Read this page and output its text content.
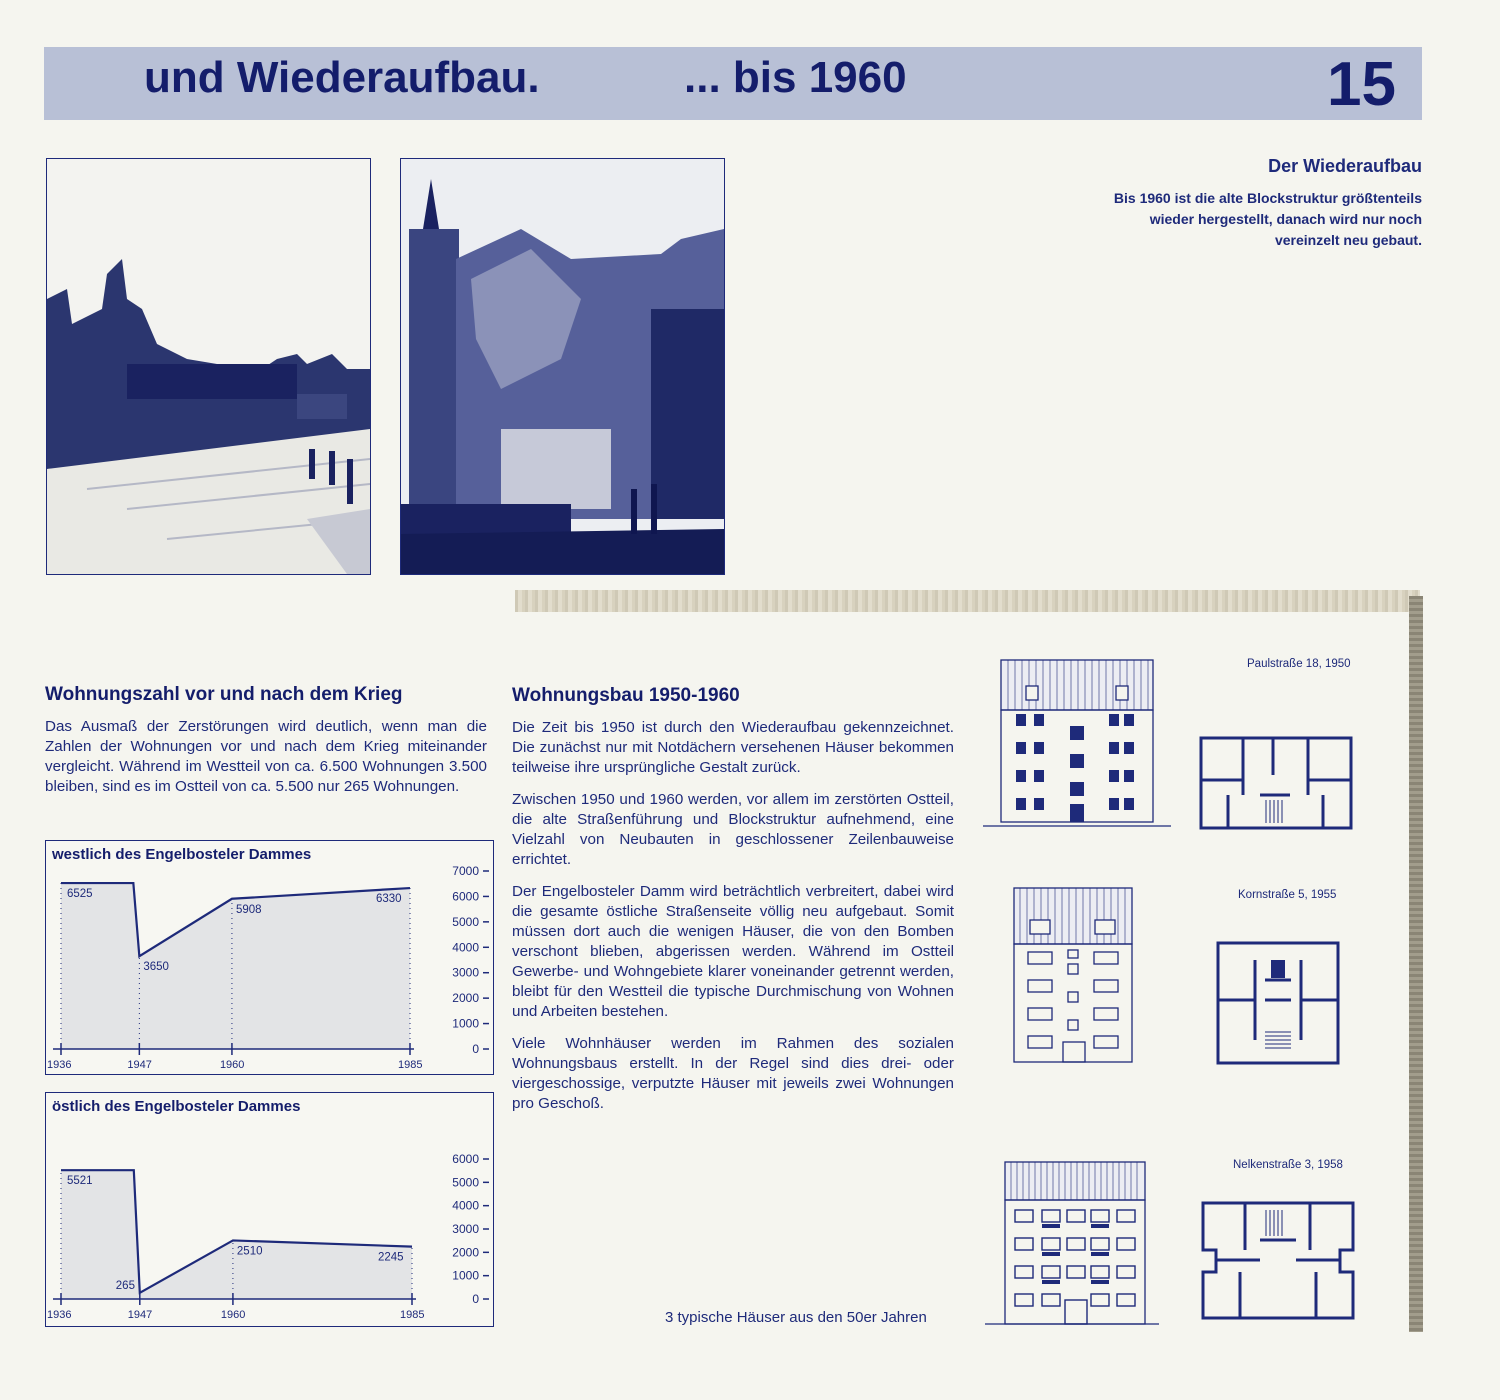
und Wiederaufbau.	... bis 1960	15
Der Wiederaufbau
Bis 1960 ist die alte Blockstruktur größtenteils wieder hergestellt, danach wird nur noch vereinzelt neu gebaut.
Wohnungszahl vor und nach dem Krieg
Das Ausmaß der Zerstörungen wird deutlich, wenn man die Zahlen der Wohnungen vor und nach dem Krieg miteinander vergleicht. Während im Westteil von ca. 6.500 Wohnungen 3.500 bleiben, sind es im Ostteil von ca. 5.500 nur 265 Wohnungen.
westlich des Engelbosteler Dammes
1936	1947	1960	1985
6525
3650
5908
6330
0
1000
2000
3000
4000
5000
6000
7000
östlich des Engelbosteler Dammes
1936	1947	1960	1985
5521
265
2510
2245
0
1000
2000
3000
4000
5000
6000
Wohnungsbau 1950-1960

Die Zeit bis 1950 ist durch den Wiederaufbau gekennzeichnet. Die zunächst nur mit Notdächern versehenen Häuser bekommen teilweise ihre ursprüngliche Gestalt zurück.

Zwischen 1950 und 1960 werden, vor allem im zerstörten Ostteil, die alte Straßenführung und Blockstruktur aufnehmend, eine Vielzahl von Neubauten in geschlossener Zeilenbauweise errichtet.

Der Engelbosteler Damm wird beträchtlich verbreitert, dabei wird die gesamte östliche Straßenseite völlig neu aufgebaut. Somit müssen dort auch die wenigen Häuser, die von den Bomben verschont blieben, abgerissen werden. Während im Ostteil Gewerbe- und Wohngebiete klarer voneinander getrennt werden, bleibt für den Westteil die typische Durchmischung von Wohnen und Arbeiten bestehen.

Viele Wohnhäuser werden im Rahmen des sozialen Wohnungsbaus erstellt. In der Regel sind dies drei- oder viergeschossige, verputzte Häuser mit jeweils zwei Wohnungen pro Geschoß.

Paulstraße 18, 1950
Kornstraße 5, 1955
Nelkenstraße 3, 1958
3 typische Häuser aus den 50er Jahren
